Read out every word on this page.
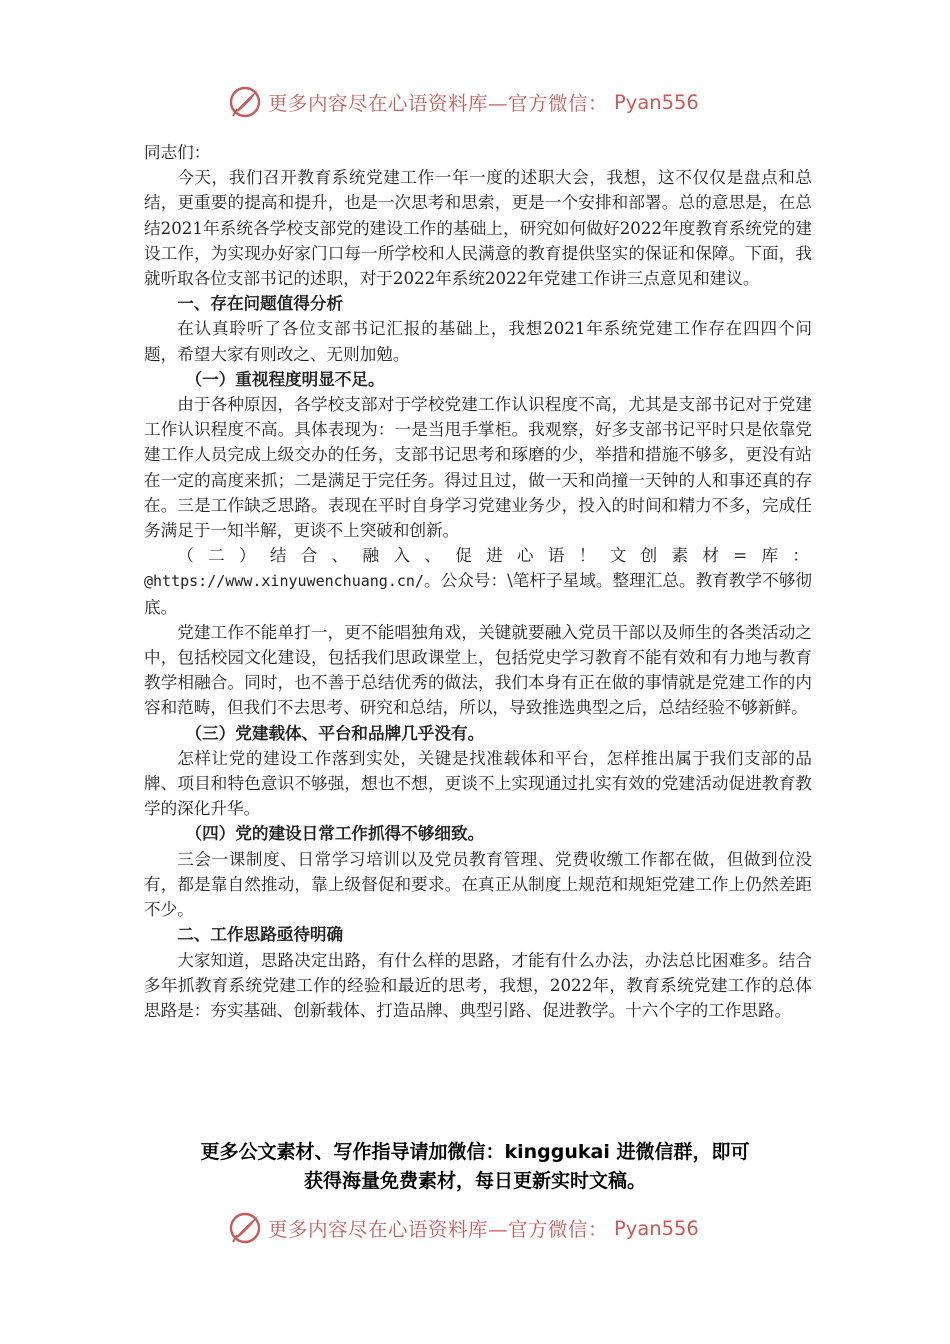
更多内容尽在心语资料库—官方微信： Pyan556

同志们：

今天，我们召开教育系统党建工作一年一度的述职大会，我想，这不仅仅是盘点和总结，更重要的提高和提升，也是一次思考和思索，更是一个安排和部署。总的意思是，在总结2021年系统各学校支部党的建设工作的基础上，研究如何做好2022年度教育系统党的建设工作，为实现办好家门口每一所学校和人民满意的教育提供坚实的保证和保障。下面，我就听取各位支部书记的述职，对于2022年系统2022年党建工作讲三点意见和建议。

一、存在问题值得分析

在认真聆听了各位支部书记汇报的基础上，我想2021年系统党建工作存在四四个问题，希望大家有则改之、无则加勉。

（一）重视程度明显不足。

由于各种原因，各学校支部对于学校党建工作认识程度不高，尤其是支部书记对于党建工作认识程度不高。具体表现为：一是当甩手掌柜。我观察，好多支部书记平时只是依靠党建工作人员完成上级交办的任务，支部书记思考和琢磨的少，举措和措施不够多，更没有站在一定的高度来抓；二是满足于完任务。得过且过，做一天和尚撞一天钟的人和事还真的存在。三是工作缺乏思路。表现在平时自身学习党建业务少，投入的时间和精力不多，完成任务满足于一知半解，更谈不上突破和创新。

（二）结合、融入、促进心语！文创素材=库：@https://www.xinyuwenchuang.cn/。公众号：\笔杆子星域。整理汇总。教育教学不够彻底。

党建工作不能单打一，更不能唱独角戏，关键就要融入党员干部以及师生的各类活动之中，包括校园文化建设，包括我们思政课堂上，包括党史学习教育不能有效和有力地与教育教学相融合。同时，也不善于总结优秀的做法，我们本身有正在做的事情就是党建工作的内容和范畴，但我们不去思考、研究和总结，所以，导致推选典型之后，总结经验不够新鲜。

（三）党建载体、平台和品牌几乎没有。

怎样让党的建设工作落到实处，关键是找准载体和平台，怎样推出属于我们支部的品牌、项目和特色意识不够强，想也不想，更谈不上实现通过扎实有效的党建活动促进教育教学的深化升华。

（四）党的建设日常工作抓得不够细致。

三会一课制度、日常学习培训以及党员教育管理、党费收缴工作都在做，但做到位没有，都是靠自然推动，靠上级督促和要求。在真正从制度上规范和规矩党建工作上仍然差距不少。

二、工作思路亟待明确

大家知道，思路决定出路，有什么样的思路，才能有什么办法，办法总比困难多。结合多年抓教育系统党建工作的经验和最近的思考，我想，2022年，教育系统党建工作的总体思路是：夯实基础、创新载体、打造品牌、典型引路、促进教学。十六个字的工作思路。

更多公文素材、写作指导请加微信：kinggukai 进微信群，即可
获得海量免费素材，每日更新实时文稿。
更多内容尽在心语资料库—官方微信： Pyan556
